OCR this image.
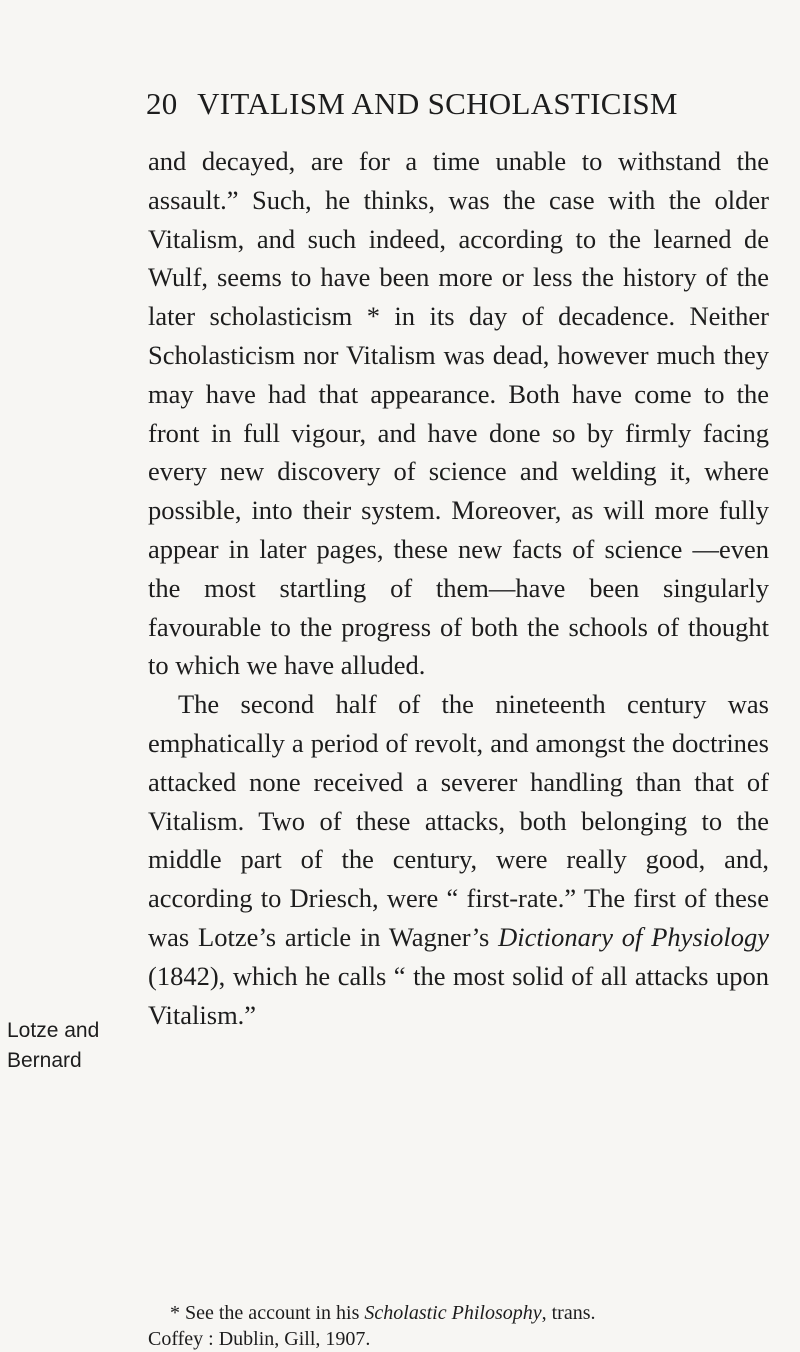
20 VITALISM AND SCHOLASTICISM
Lotze and
Bernard

and decayed, are for a time unable to withstand the assault.” Such, he thinks, was the case with the older Vitalism, and such indeed, according to the learned de Wulf, seems to have been more or less the history of the later scholasticism * in its day of decadence. Neither Scholasticism nor Vitalism was dead, however much they may have had that appearance. Both have come to the front in full vigour, and have done so by firmly facing every new discovery of science and welding it, where possible, into their system. Moreover, as will more fully appear in later pages, these new facts of science —even the most startling of them—have been singularly favourable to the progress of both the schools of thought to which we have alluded.

The second half of the nineteenth century was emphatically a period of revolt, and amongst the doctrines attacked none received a severer handling than that of Vitalism. Two of these attacks, both belonging to the middle part of the century, were really good, and, according to Driesch, were “ first-rate.” The first of these was Lotze’s article in Wagner’s Dictionary of Physiology (1842), which he calls “ the most solid of all attacks upon Vitalism.”

* See the account in his Scholastic Philosophy, trans.
Coffey : Dublin, Gill, 1907.
